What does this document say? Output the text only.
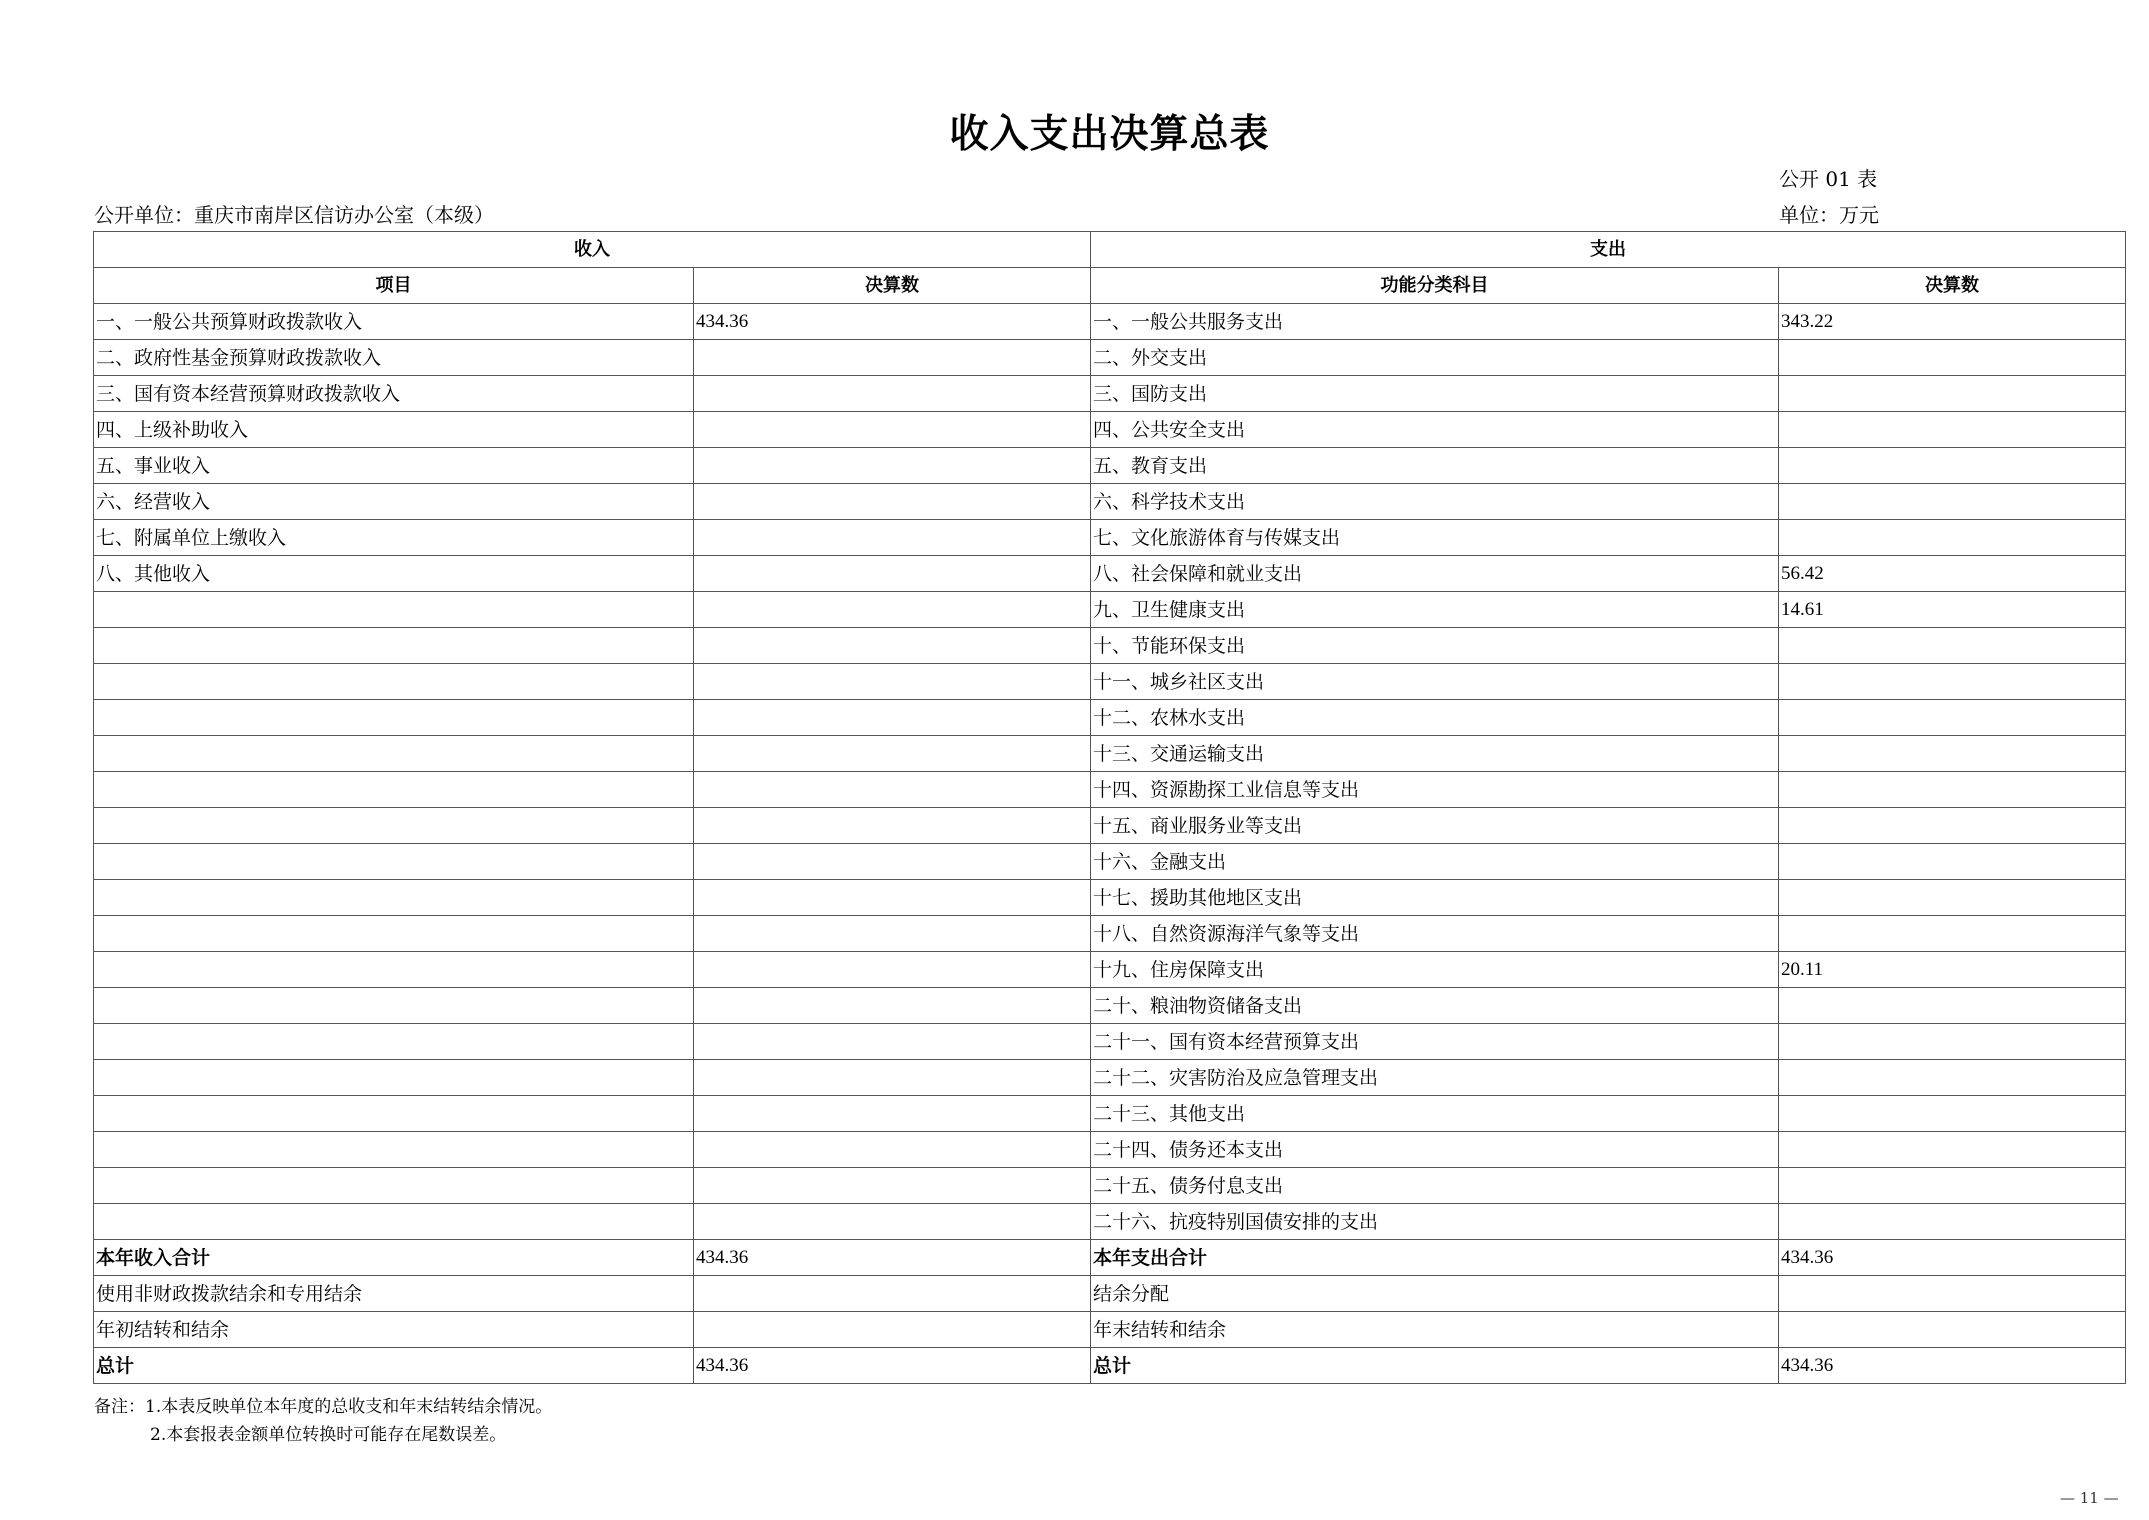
收入支出决算总表
公开 01 表
公开单位：重庆市南岸区信访办公室（本级）	单位：万元
收入		支出	
项目	决算数	功能分类科目	决算数
一、一般公共预算财政拨款收入	434.36	一、一般公共服务支出	343.22
二、政府性基金预算财政拨款收入		二、外交支出	
三、国有资本经营预算财政拨款收入		三、国防支出	
四、上级补助收入		四、公共安全支出	
五、事业收入		五、教育支出	
六、经营收入		六、科学技术支出	
七、附属单位上缴收入		七、文化旅游体育与传媒支出	
八、其他收入		八、社会保障和就业支出	56.42
		九、卫生健康支出	14.61
		十、节能环保支出	
		十一、城乡社区支出	
		十二、农林水支出	
		十三、交通运输支出	
		十四、资源勘探工业信息等支出	
		十五、商业服务业等支出	
		十六、金融支出	
		十七、援助其他地区支出	
		十八、自然资源海洋气象等支出	
		十九、住房保障支出	20.11
		二十、粮油物资储备支出	
		二十一、国有资本经营预算支出	
		二十二、灾害防治及应急管理支出	
		二十三、其他支出	
		二十四、债务还本支出	
		二十五、债务付息支出	
		二十六、抗疫特别国债安排的支出	
本年收入合计	434.36	本年支出合计	434.36
使用非财政拨款结余和专用结余		结余分配	
年初结转和结余		年末结转和结余	
总计	434.36	总计	434.36
备注：1.本表反映单位本年度的总收支和年末结转结余情况。
2.本套报表金额单位转换时可能存在尾数误差。
— 11 —
